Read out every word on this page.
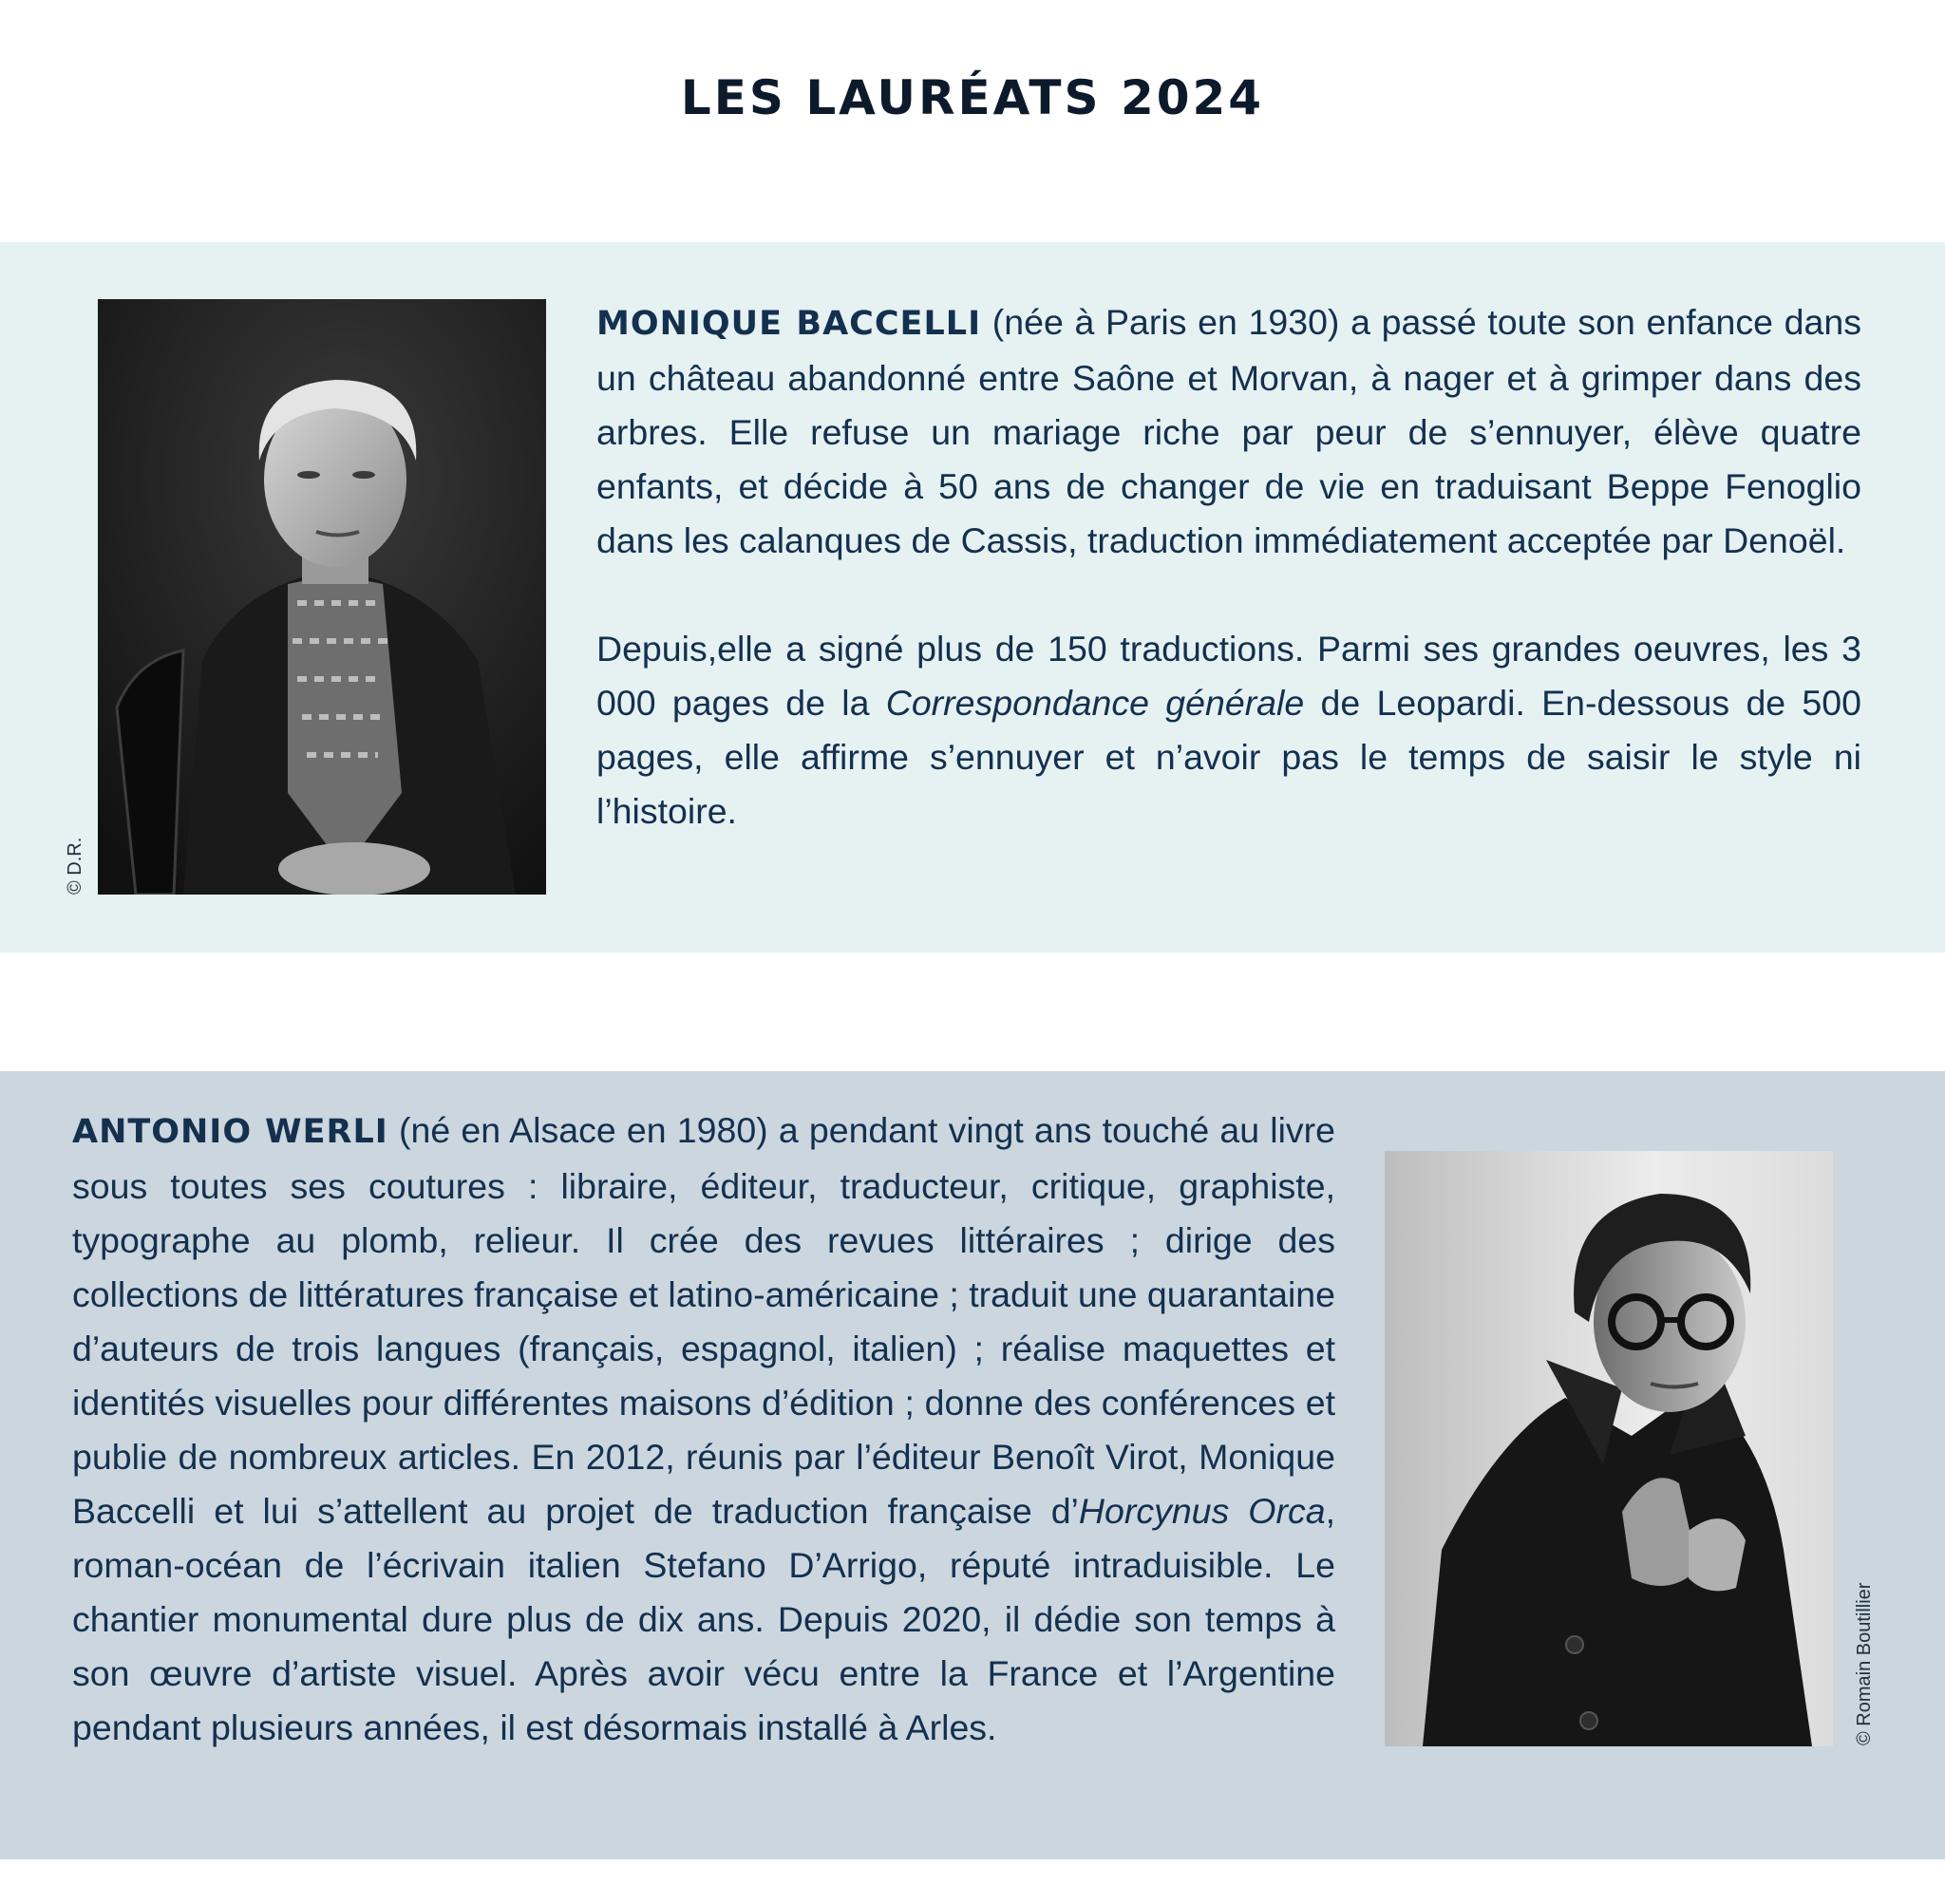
LES LAURÉATS 2024
© D.R.

MONIQUE BACCELLI (née à Paris en 1930) a passé toute son enfance dans un château abandonné entre Saône et Morvan, à nager et à grimper dans des arbres. Elle refuse un mariage riche par peur de s’ennuyer, élève quatre enfants, et décide à 50 ans de changer de vie en traduisant Beppe Fenoglio dans les calanques de Cassis, traduction immédiatement acceptée par Denoël.

Depuis,elle a signé plus de 150 traductions. Parmi ses grandes oeuvres, les 3 000 pages de la Correspondance générale de Leopardi. En-dessous de 500 pages, elle affirme s’ennuyer et n’avoir pas le temps de saisir le style ni l’histoire.

ANTONIO WERLI (né en Alsace en 1980) a pendant vingt ans touché au livre sous toutes ses coutures : libraire, éditeur, traducteur, critique, graphiste, typographe au plomb, relieur. Il crée des revues littéraires ; dirige des collections de littératures française et latino-américaine ; traduit une quarantaine d’auteurs de trois langues (français, espagnol, italien) ; réalise maquettes et identités visuelles pour différentes maisons d’édition ; donne des conférences et publie de nombreux articles. En 2012, réunis par l’éditeur Benoît Virot, Monique Baccelli et lui s’attellent au projet de traduction française d’Horcynus Orca, roman-océan de l’écrivain italien Stefano D’Arrigo, réputé intraduisible. Le chantier monumental dure plus de dix ans. Depuis 2020, il dédie son temps à son œuvre d’artiste visuel. Après avoir vécu entre la France et l’Argentine pendant plusieurs années, il est désormais installé à Arles.	© Romain Boutillier
